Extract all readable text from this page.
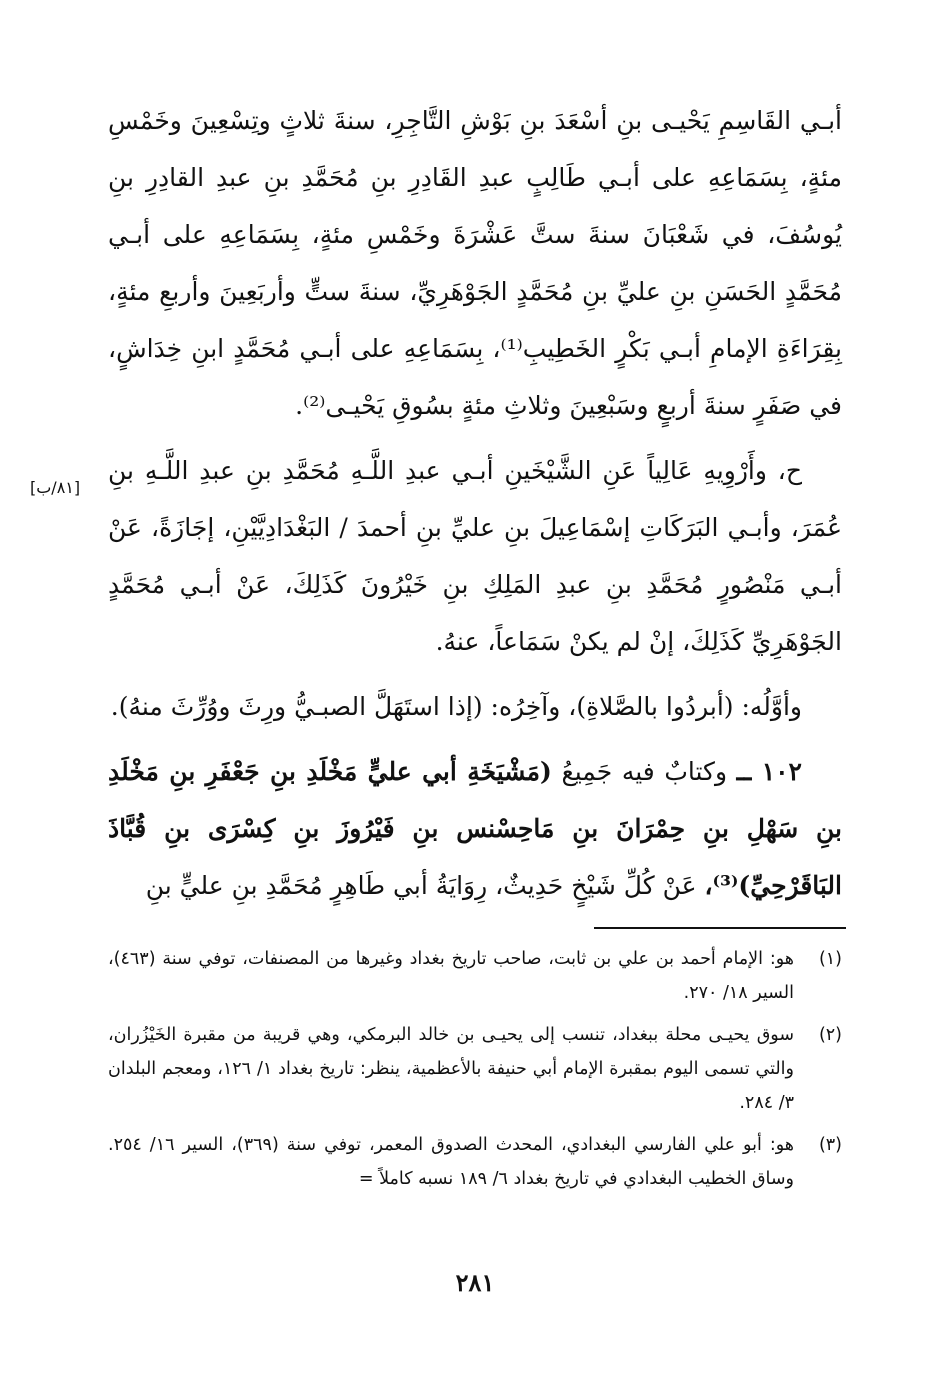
أبـي القَاسِمِ يَحْيـى بنِ أسْعَدَ بنِ بَوْشِ التَّاجِرِ، سنةَ ثلاثٍ وتِسْعِينَ وخَمْسِ مئةٍ، بِسَمَاعِهِ على أبـي طَالِبٍ عبدِ القَادِرِ بنِ مُحَمَّدِ بنِ عبدِ القادِرِ بنِ يُوسُفَ، في شَعْبَانَ سنةَ ستَّ عَشْرَةَ وخَمْسِ مئةٍ، بِسَمَاعِهِ على أبـي مُحَمَّدٍ الحَسَنِ بنِ عليِّ بنِ مُحَمَّدٍ الجَوْهَرِيِّ، سنةَ ستٍّ وأربَعِينَ وأربعِ مئةٍ، بِقِرَاءَةِ الإمامِ أبـي بَكْرٍ الخَطِيبِ⁽¹⁾، بِسَمَاعِهِ على أبـي مُحَمَّدٍ ابنِ خِدَاشٍ، في صَفَرٍ سنةَ أربعٍ وسَبْعِينَ وثلاثِ مئةٍ بسُوقِ يَحْيـى⁽²⁾.

ح، وأَرْوِيهِ عَالِياً عَنِ الشَّيْخَينِ أبـي عبدِ اللَّـهِ مُحَمَّدِ بنِ عبدِ اللَّـهِ بنِ عُمَرَ، وأبـي البَرَكَاتِ إسْمَاعِيلَ بنِ عليِّ بنِ أحمدَ / البَغْدَادِيَّيْنِ، إجَازَةً، عَنْ أبـي مَنْصُورٍ مُحَمَّدِ بنِ عبدِ المَلِكِ بنِ خَيْرُونَ كَذَلِكَ، عَنْ أبـي مُحَمَّدٍ الجَوْهَرِيِّ كَذَلِكَ، إنْ لم يكنْ سَمَاعاً، عنهُ.

وأوَّلُه: (أبردُوا بالصَّلاةِ)، وآخِرُه: (إذا استَهَلَّ الصبـيُّ ورِثَ ووُرِّثَ منهُ).

١٠٢ ــ وكتابٌ فيه جَمِيعُ (مَشْيَخَةِ أبي عليٍّ مَخْلَدِ بنِ جَعْفَرِ بنِ مَخْلَدِ بنِ سَهْلِ بنِ حِمْرَانَ بنِ مَاحِسْنس بنِ فَيْرُوزَ بنِ كِسْرَى بنِ قُبَّاذَ البَاقَرْحِيِّ)⁽³⁾، عَنْ كُلِّ شَيْخٍ حَدِيثٌ، رِوَايَةُ أبي طَاهِرٍ مُحَمَّدِ بنِ عليٍّ بنِ

[٨١/ب]
(١)
هو: الإمام أحمد بن علي بن ثابت، صاحب تاريخ بغداد وغيرها من المصنفات، توفي سنة (٤٦٣)، السير ١٨/ ٢٧٠.
(٢)
سوق يحيـى محلة ببغداد، تنسب إلى يحيـى بن خالد البرمكي، وهي قريبة من مقبرة الخَيْزُران، والتي تسمى اليوم بمقبرة الإمام أبي حنيفة بالأعظمية، ينظر: تاريخ بغداد ١/ ١٢٦، ومعجم البلدان ٣/ ٢٨٤.
(٣)
هو: أبو علي الفارسي البغدادي، المحدث الصدوق المعمر، توفي سنة (٣٦٩)، السير ١٦/ ٢٥٤. وساق الخطيب البغدادي في تاريخ بغداد ٦/ ١٨٩ نسبه كاملاً =
٢٨١
